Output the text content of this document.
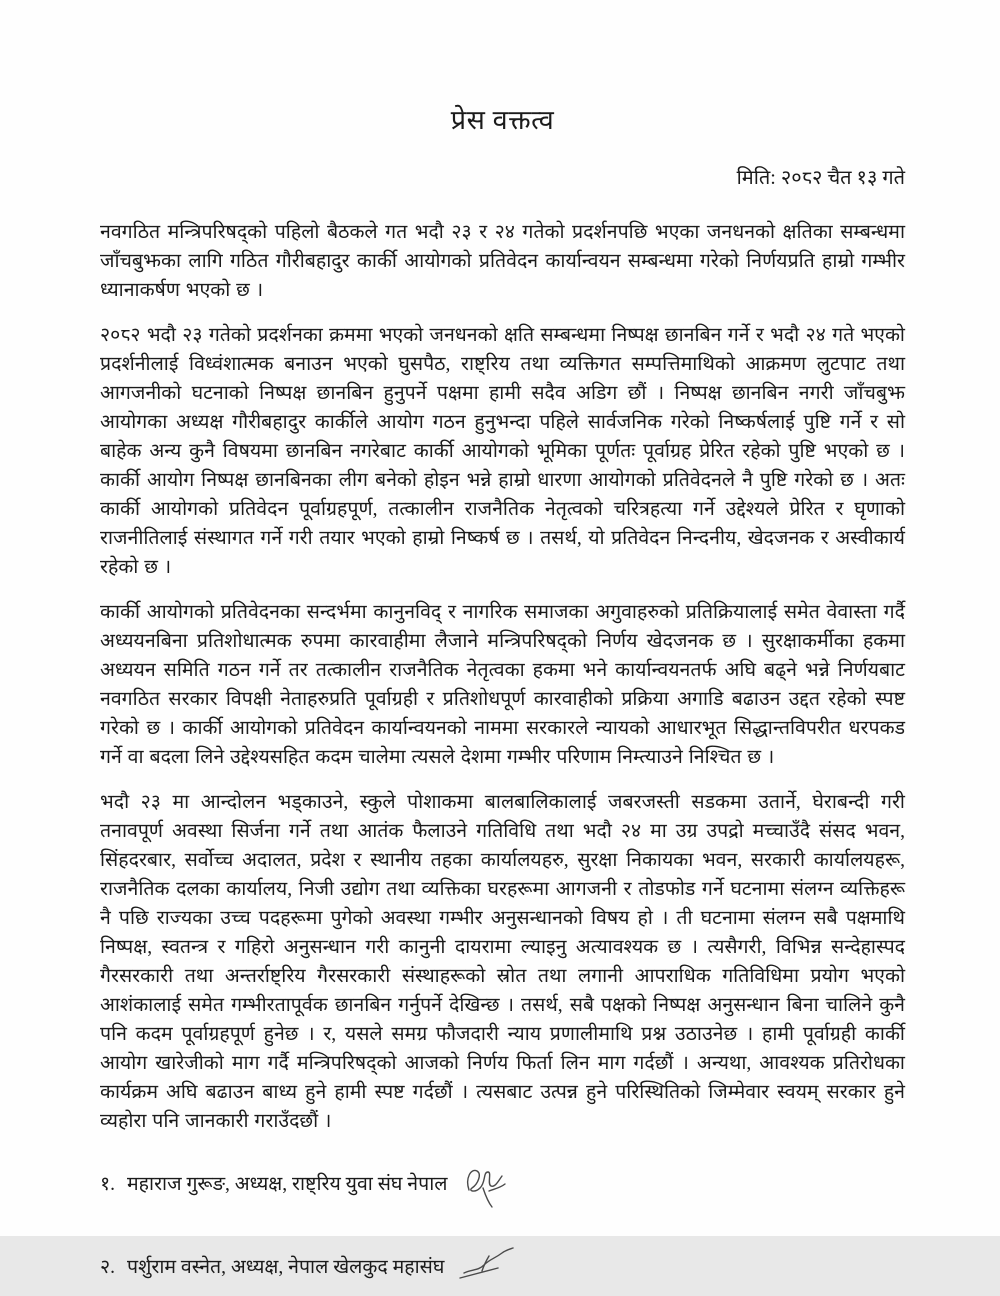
प्रेस वक्तत्व
मिति: २०८२ चैत १३ गते

नवगठित मन्त्रिपरिषद्को पहिलो बैठकले गत भदौ २३ र २४ गतेको प्रदर्शनपछि भएका जनधनको क्षतिका सम्बन्धमा जाँचबुझका लागि गठित गौरीबहादुर कार्की आयोगको प्रतिवेदन कार्यान्वयन सम्बन्धमा गरेको निर्णयप्रति हाम्रो गम्भीर ध्यानाकर्षण भएको छ ।

२०८२ भदौ २३ गतेको प्रदर्शनका क्रममा भएको जनधनको क्षति सम्बन्धमा निष्पक्ष छानबिन गर्ने र भदौ २४ गते भएको प्रदर्शनीलाई विध्वंशात्मक बनाउन भएको घुसपैठ, राष्ट्रिय तथा व्यक्तिगत सम्पत्तिमाथिको आक्रमण लुटपाट तथा आगजनीको घटनाको निष्पक्ष छानबिन हुनुपर्ने पक्षमा हामी सदैव अडिग छौं । निष्पक्ष छानबिन नगरी जाँचबुझ आयोगका अध्यक्ष गौरीबहादुर कार्कीले आयोग गठन हुनुभन्दा पहिले सार्वजनिक गरेको निष्कर्षलाई पुष्टि गर्ने र सो बाहेक अन्य कुनै विषयमा छानबिन नगरेबाट कार्की आयोगको भूमिका पूर्णतः पूर्वाग्रह प्रेरित रहेको पुष्टि भएको छ । कार्की आयोग निष्पक्ष छानबिनका लीग बनेको होइन भन्ने हाम्रो धारणा आयोगको प्रतिवेदनले नै पुष्टि गरेको छ । अतः कार्की आयोगको प्रतिवेदन पूर्वाग्रहपूर्ण, तत्कालीन राजनैतिक नेतृत्वको चरित्रहत्या गर्ने उद्देश्यले प्रेरित र घृणाको राजनीतिलाई संस्थागत गर्ने गरी तयार भएको हाम्रो निष्कर्ष छ । तसर्थ, यो प्रतिवेदन निन्दनीय, खेदजनक र अस्वीकार्य रहेको छ ।

कार्की आयोगको प्रतिवेदनका सन्दर्भमा कानुनविद् र नागरिक समाजका अगुवाहरुको प्रतिक्रियालाई समेत वेवास्ता गर्दै अध्ययनबिना प्रतिशोधात्मक रुपमा कारवाहीमा लैजाने मन्त्रिपरिषद्को निर्णय खेदजनक छ । सुरक्षाकर्मीका हकमा अध्ययन समिति गठन गर्ने तर तत्कालीन राजनैतिक नेतृत्वका हकमा भने कार्यान्वयनतर्फ अघि बढ्ने भन्ने निर्णयबाट नवगठित सरकार विपक्षी नेताहरुप्रति पूर्वाग्रही र प्रतिशोधपूर्ण कारवाहीको प्रक्रिया अगाडि बढाउन उद्दत रहेको स्पष्ट गरेको छ । कार्की आयोगको प्रतिवेदन कार्यान्वयनको नाममा सरकारले न्यायको आधारभूत सिद्धान्तविपरीत धरपकड गर्ने वा बदला लिने उद्देश्यसहित कदम चालेमा त्यसले देशमा गम्भीर परिणाम निम्त्याउने निश्चित छ ।

भदौ २३ मा आन्दोलन भड्काउने, स्कुले पोशाकमा बालबालिकालाई जबरजस्ती सडकमा उतार्ने, घेराबन्दी गरी तनावपूर्ण अवस्था सिर्जना गर्ने तथा आतंक फैलाउने गतिविधि तथा भदौ २४ मा उग्र उपद्रो मच्चाउँदै संसद भवन, सिंहदरबार, सर्वोच्च अदालत, प्रदेश र स्थानीय तहका कार्यालयहरु, सुरक्षा निकायका भवन, सरकारी कार्यालयहरू, राजनैतिक दलका कार्यालय, निजी उद्योग तथा व्यक्तिका घरहरूमा आगजनी र तोडफोड गर्ने घटनामा संलग्न व्यक्तिहरू नै पछि राज्यका उच्च पदहरूमा पुगेको अवस्था गम्भीर अनुसन्धानको विषय हो । ती घटनामा संलग्न सबै पक्षमाथि निष्पक्ष, स्वतन्त्र र गहिरो अनुसन्धान गरी कानुनी दायरामा ल्याइनु अत्यावश्यक छ । त्यसैगरी, विभिन्न सन्देहास्पद गैरसरकारी तथा अन्तर्राष्ट्रिय गैरसरकारी संस्थाहरूको स्रोत तथा लगानी आपराधिक गतिविधिमा प्रयोग भएको आशंकालाई समेत गम्भीरतापूर्वक छानबिन गर्नुपर्ने देखिन्छ । तसर्थ, सबै पक्षको निष्पक्ष अनुसन्धान बिना चालिने कुनै पनि कदम पूर्वाग्रहपूर्ण हुनेछ । र, यसले समग्र फौजदारी न्याय प्रणालीमाथि प्रश्न उठाउनेछ । हामी पूर्वाग्रही कार्की आयोग खारेजीको माग गर्दै मन्त्रिपरिषद्को आजको निर्णय फिर्ता लिन माग गर्दछौं । अन्यथा, आवश्यक प्रतिरोधका कार्यक्रम अघि बढाउन बाध्य हुने हामी स्पष्ट गर्दछौं । त्यसबाट उत्पन्न हुने परिस्थितिको जिम्मेवार स्वयम् सरकार हुने व्यहोरा पनि जानकारी गराउँदछौं ।

१. महाराज गुरूङ, अध्यक्ष, राष्ट्रिय युवा संघ नेपाल
२. पर्शुराम वस्नेत, अध्यक्ष, नेपाल खेलकुद महासंघ
